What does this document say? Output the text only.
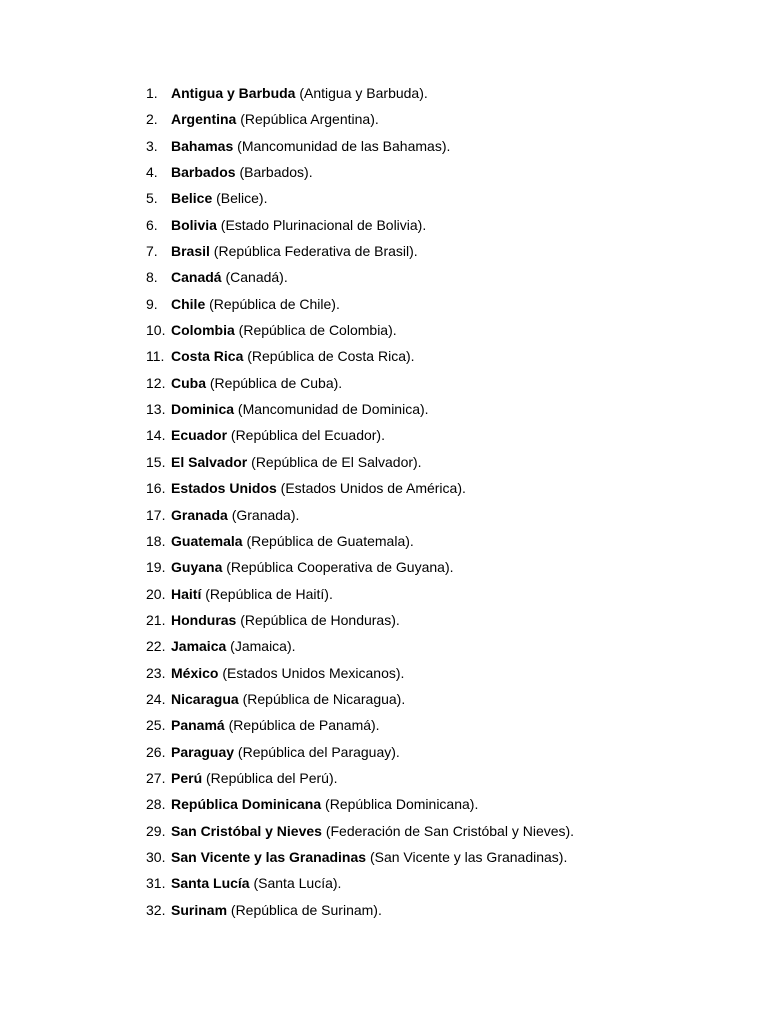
1. Antigua y Barbuda (Antigua y Barbuda).
2. Argentina (República Argentina).
3. Bahamas (Mancomunidad de las Bahamas).
4. Barbados (Barbados).
5. Belice (Belice).
6. Bolivia (Estado Plurinacional de Bolivia).
7. Brasil (República Federativa de Brasil).
8. Canadá (Canadá).
9. Chile (República de Chile).
10. Colombia (República de Colombia).
11. Costa Rica (República de Costa Rica).
12. Cuba (República de Cuba).
13. Dominica (Mancomunidad de Dominica).
14. Ecuador (República del Ecuador).
15. El Salvador (República de El Salvador).
16. Estados Unidos (Estados Unidos de América).
17. Granada (Granada).
18. Guatemala (República de Guatemala).
19. Guyana (República Cooperativa de Guyana).
20. Haití (República de Haití).
21. Honduras (República de Honduras).
22. Jamaica (Jamaica).
23. México (Estados Unidos Mexicanos).
24. Nicaragua (República de Nicaragua).
25. Panamá (República de Panamá).
26. Paraguay (República del Paraguay).
27. Perú (República del Perú).
28. República Dominicana (República Dominicana).
29. San Cristóbal y Nieves (Federación de San Cristóbal y Nieves).
30. San Vicente y las Granadinas (San Vicente y las Granadinas).
31. Santa Lucía (Santa Lucía).
32. Surinam (República de Surinam).
